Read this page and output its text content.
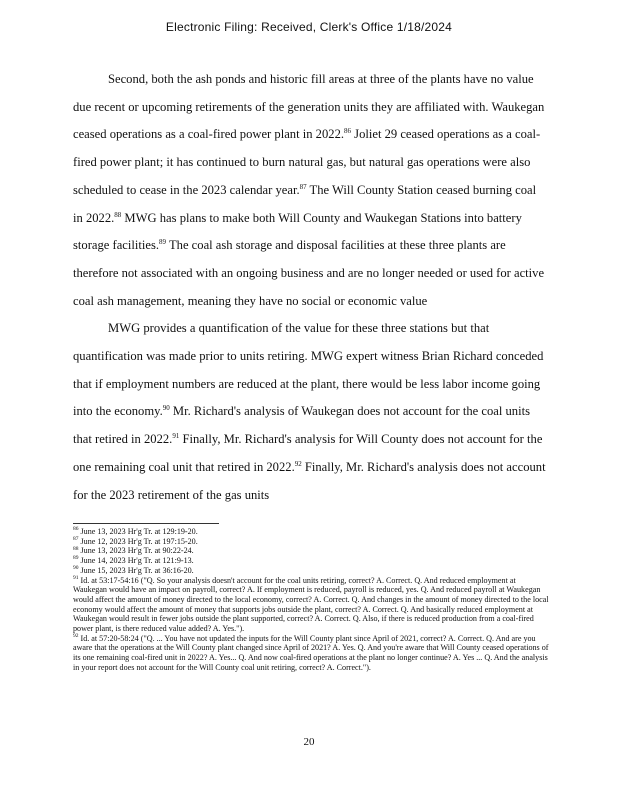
Electronic Filing: Received, Clerk's Office 1/18/2024

Second, both the ash ponds and historic fill areas at three of the plants have no value due recent or upcoming retirements of the generation units they are affiliated with. Waukegan ceased operations as a coal-fired power plant in 2022.86 Joliet 29 ceased operations as a coal-fired power plant; it has continued to burn natural gas, but natural gas operations were also scheduled to cease in the 2023 calendar year.$^{87}$ The Will County Station ceased burning coal in 2022.88 MWG has plans to make both Will County and Waukegan Stations into battery storage facilities.$^{89}$ The coal ash storage and disposal facilities at these three plants are therefore not associated with an ongoing business and are no longer needed or used for active coal ash management, meaning they have no social or economic value

MWG provides a quantification of the value for these three stations but that quantification was made prior to units retiring. MWG expert witness Brian Richard conceded that if employment numbers are reduced at the plant, there would be less labor income going into the economy.$^{90}$ Mr. Richard's analysis of Waukegan does not account for the coal units that retired in 2022.91 Finally, Mr. Richard's analysis for Will County does not account for the one remaining coal unit that retired in 2022.92 Finally, Mr. Richard's analysis does not account for the 2023 retirement of the gas units

$^{86}$ June 13, 2023 Hr'g Tr. at 129:19-20.

$^{87}$ June 12, 2023 Hr'g Tr. at 197:15-20.

$^{88}$ June 13, 2023 Hr'g Tr. at 90:22-24.

$^{89}$ June 14, 2023 Hr'g Tr. at 121:9-13.

$^{90}$ June 15, 2023 Hr'g Tr. at 36:16-20.

$^{91}$ Id. at 53:17-54:16 ("Q. So your analysis doesn't account for the coal units retiring, correct? A. Correct. Q. And reduced employment at Waukegan would have an impact on payroll, correct? A. If employment is reduced, payroll is reduced, yes. Q. And reduced payroll at Waukegan would affect the amount of money directed to the local economy, correct? A. Correct. Q. And changes in the amount of money directed to the local economy would affect the amount of money that supports jobs outside the plant, correct? A. Correct. Q. And basically reduced employment at Waukegan would result in fewer jobs outside the plant supported, correct? A. Correct. Q. Also, if there is reduced production from a coal-fired power plant, is there reduced value added? A. Yes.").

$^{92}$ Id. at 57:20-58:24 ("Q. ... You have not updated the inputs for the Will County plant since April of 2021, correct? A. Correct. Q. And are you aware that the operations at the Will County plant changed since April of 2021? A. Yes. Q. And you're aware that Will County ceased operations of its one remaining coal-fired unit in 2022? A. Yes... Q. And now coal-fired operations at the plant no longer continue? A. Yes ... Q. And the analysis in your report does not account for the Will County coal unit retiring, correct? A. Correct.").

20
